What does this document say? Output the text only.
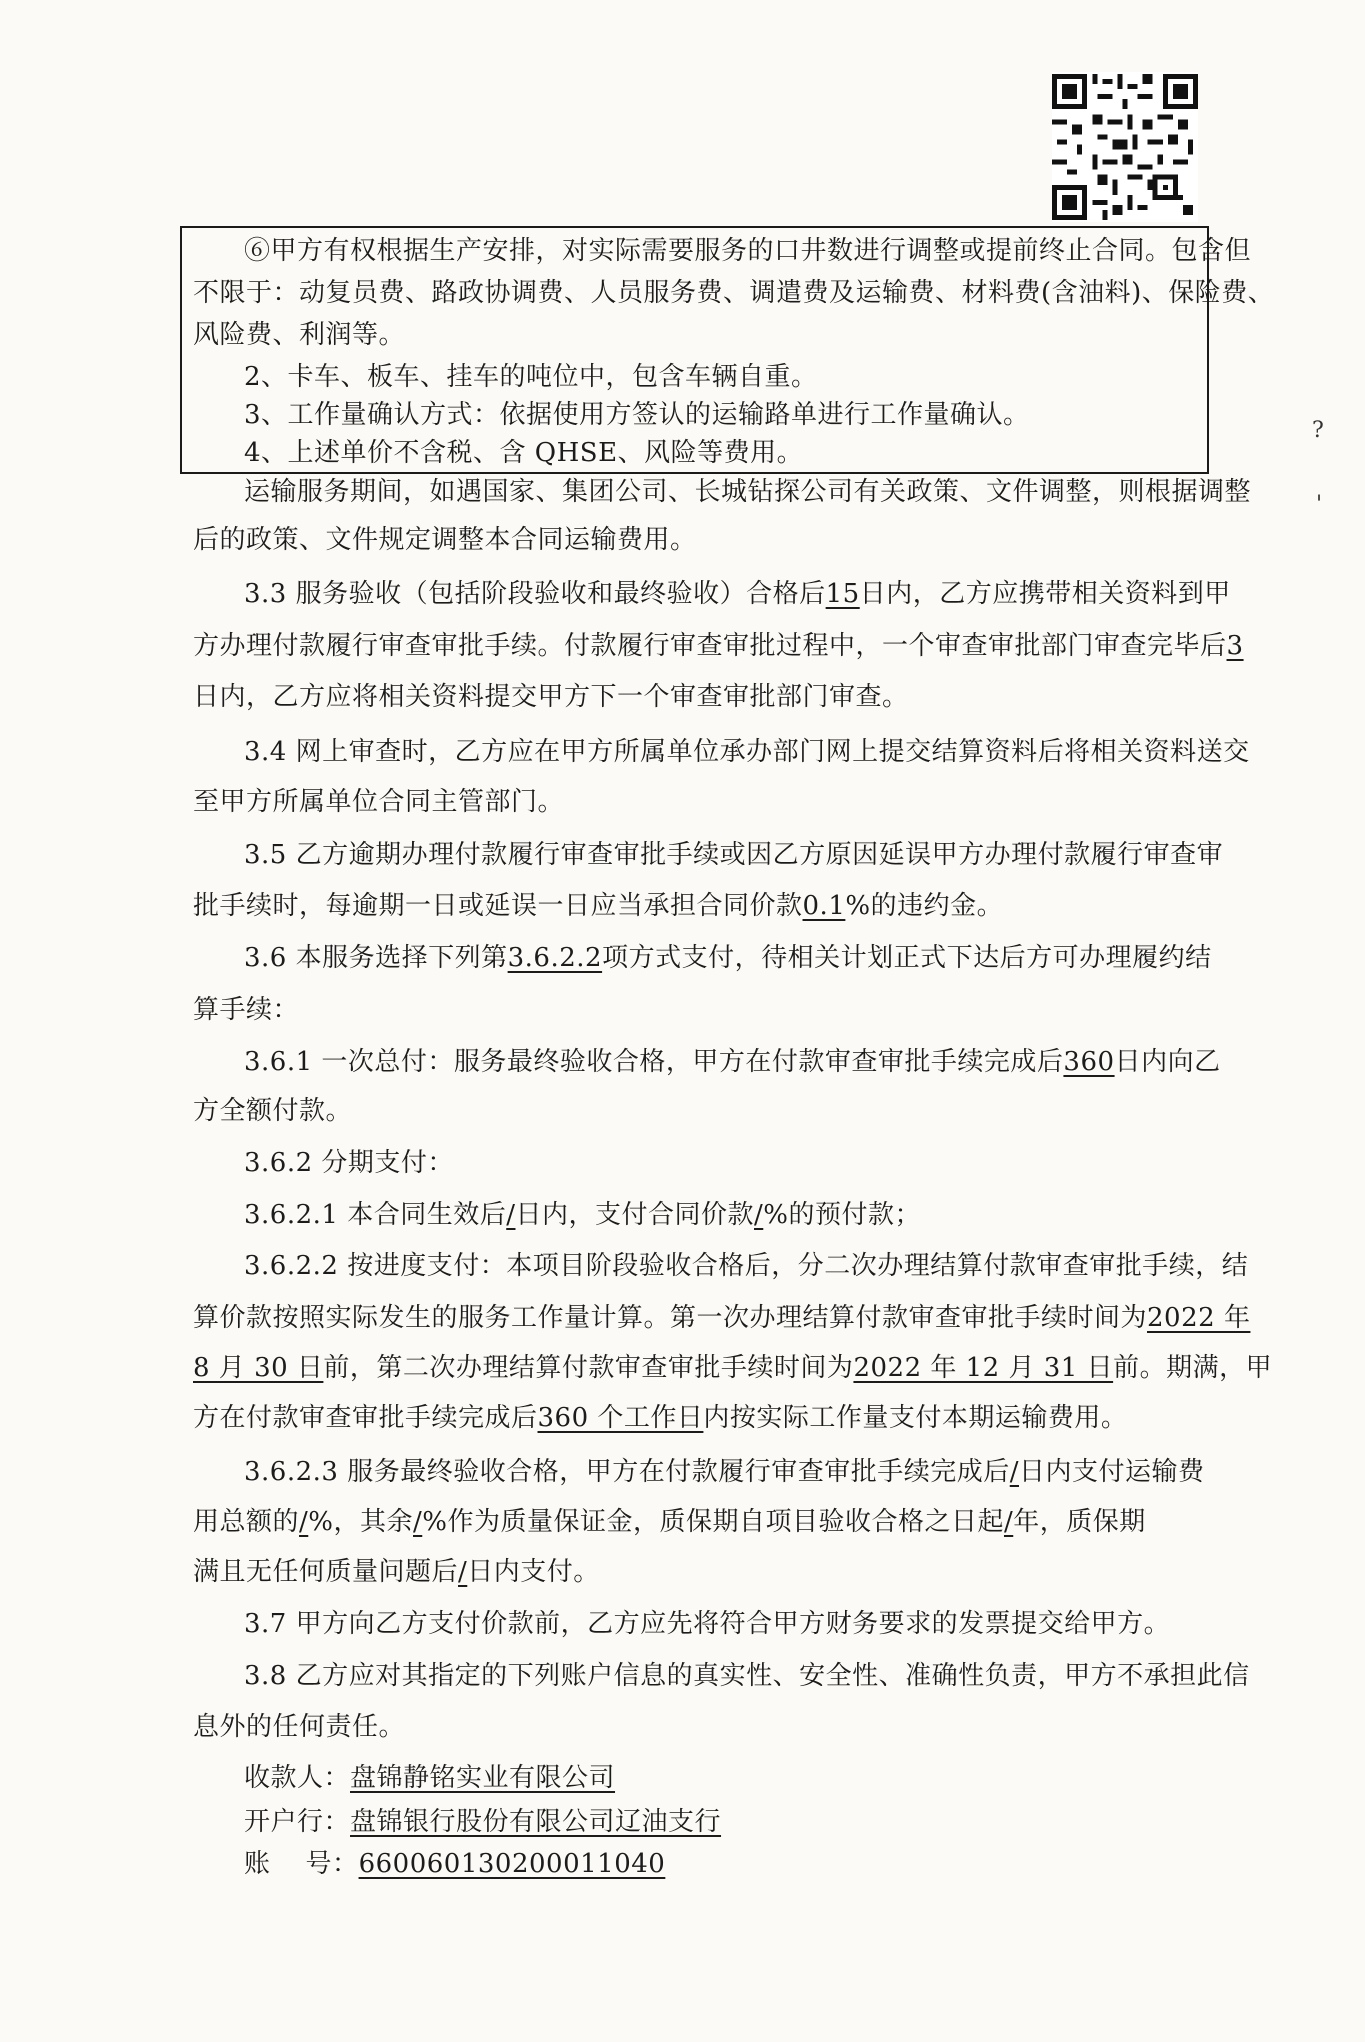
⑥甲方有权根据生产安排，对实际需要服务的口井数进行调整或提前终止合同。包含但
不限于：动复员费、路政协调费、人员服务费、调遣费及运输费、材料费(含油料)、保险费、
风险费、利润等。
2、卡车、板车、挂车的吨位中，包含车辆自重。
3、工作量确认方式：依据使用方签认的运输路单进行工作量确认。
4、上述单价不含税、含 QHSE、风险等费用。
运输服务期间，如遇国家、集团公司、长城钻探公司有关政策、文件调整，则根据调整
后的政策、文件规定调整本合同运输费用。
3.3 服务验收（包括阶段验收和最终验收）合格后15日内，乙方应携带相关资料到甲
方办理付款履行审查审批手续。付款履行审查审批过程中，一个审查审批部门审查完毕后3
日内，乙方应将相关资料提交甲方下一个审查审批部门审查。
3.4 网上审查时，乙方应在甲方所属单位承办部门网上提交结算资料后将相关资料送交
至甲方所属单位合同主管部门。
3.5 乙方逾期办理付款履行审查审批手续或因乙方原因延误甲方办理付款履行审查审
批手续时，每逾期一日或延误一日应当承担合同价款0.1%的违约金。
3.6 本服务选择下列第3.6.2.2项方式支付，待相关计划正式下达后方可办理履约结
算手续：
3.6.1 一次总付：服务最终验收合格，甲方在付款审查审批手续完成后360日内向乙
方全额付款。
3.6.2 分期支付：
3.6.2.1 本合同生效后/日内，支付合同价款/%的预付款；
3.6.2.2 按进度支付：本项目阶段验收合格后，分二次办理结算付款审查审批手续，结
算价款按照实际发生的服务工作量计算。第一次办理结算付款审查审批手续时间为2022 年
8 月 30 日前，第二次办理结算付款审查审批手续时间为2022 年 12 月 31 日前。期满，甲
方在付款审查审批手续完成后360 个工作日内按实际工作量支付本期运输费用。
3.6.2.3 服务最终验收合格，甲方在付款履行审查审批手续完成后/日内支付运输费
用总额的/%，其余/%作为质量保证金，质保期自项目验收合格之日起/年，质保期
满且无任何质量问题后/日内支付。
3.7 甲方向乙方支付价款前，乙方应先将符合甲方财务要求的发票提交给甲方。
3.8 乙方应对其指定的下列账户信息的真实性、安全性、准确性负责，甲方不承担此信
息外的任何责任。
收款人：盘锦静铭实业有限公司
开户行：盘锦银行股份有限公司辽油支行
账    号：660060130200011040
?
'
